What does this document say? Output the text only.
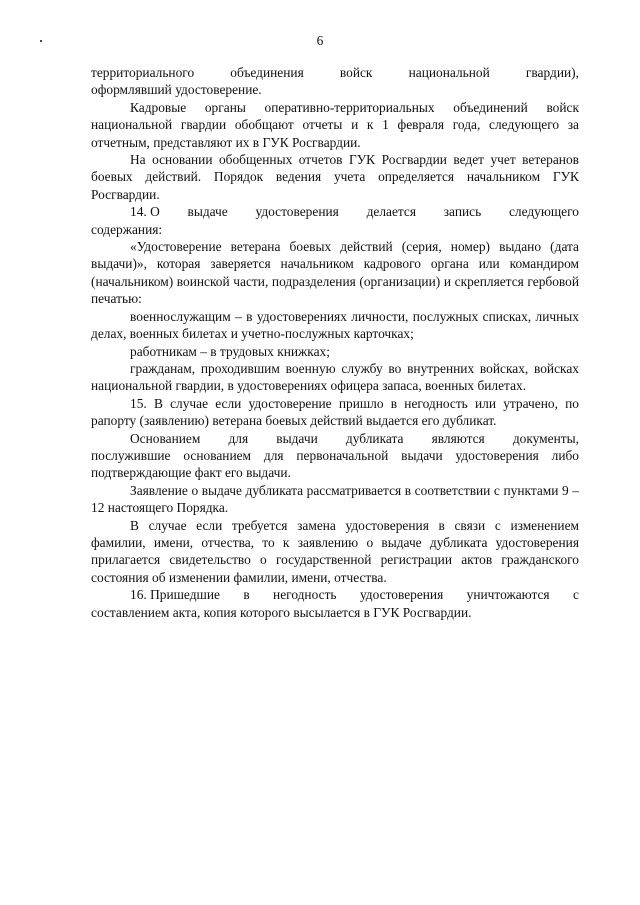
6
территориального	объединения	войск	национальной	гвардии),

оформлявший удостоверение.

Кадровые органы оперативно-территориальных объединений войск национальной гвардии обобщают отчеты и к 1 февраля года, следующего за отчетным, представляют их в ГУК Росгвардии.

На основании обобщенных отчетов ГУК Росгвардии ведет учет ветеранов боевых действий. Порядок ведения учета определяется начальником ГУК Росгвардии.

14. О выдаче удостоверения делается запись следующего

содержания:

«Удостоверение ветерана боевых действий (серия, номер) выдано (дата выдачи)», которая заверяется начальником кадрового органа или командиром (начальником) воинской части, подразделения (организации) и скрепляется гербовой печатью:

военнослужащим – в удостоверениях личности, послужных списках, личных делах, военных билетах и учетно-послужных карточках;

работникам – в трудовых книжках;

гражданам, проходившим военную службу во внутренних войсках, войсках национальной гвардии, в удостоверениях офицера запаса, военных билетах.

15. В случае если удостоверение пришло в негодность или утрачено, по рапорту (заявлению) ветерана боевых действий выдается его дубликат.

Основанием для выдачи дубликата являются документы,

послужившие основанием для первоначальной выдачи удостоверения либо подтверждающие факт его выдачи.

Заявление о выдаче дубликата рассматривается в соответствии с пунктами 9 – 12 настоящего Порядка.

В случае если требуется замена удостоверения в связи с изменением фамилии, имени, отчества, то к заявлению о выдаче дубликата удостоверения прилагается свидетельство о государственной регистрации актов гражданского состояния об изменении фамилии, имени, отчества.

16. Пришедшие в негодность удостоверения уничтожаются с

составлением акта, копия которого высылается в ГУК Росгвардии.
